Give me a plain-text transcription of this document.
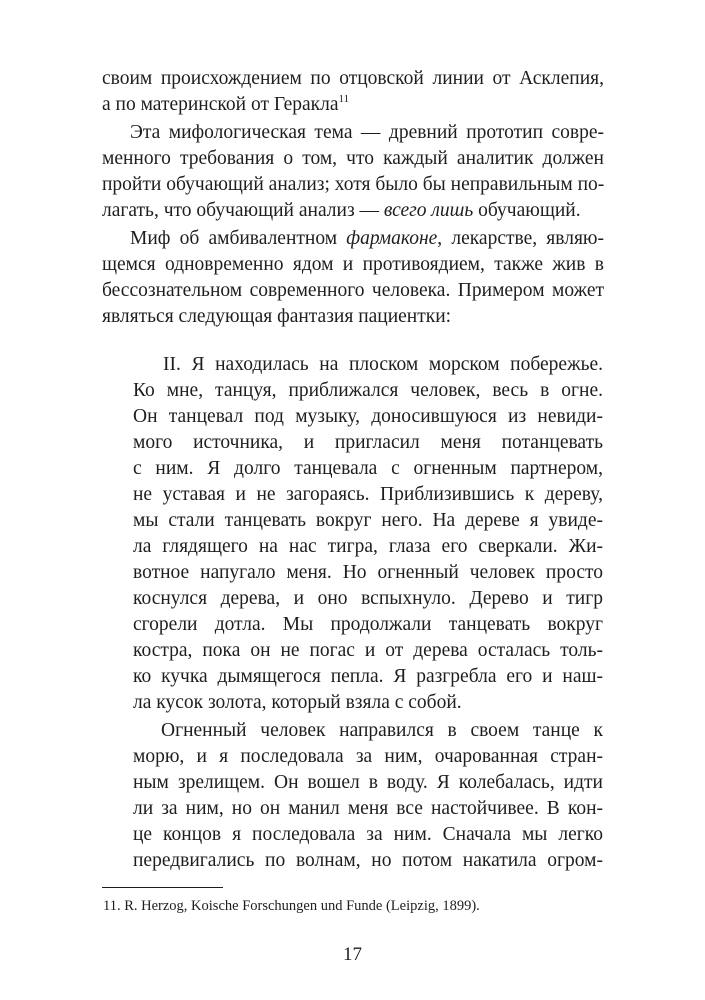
своим происхождением по отцовской линии от Асклепия,
а по материнской от Геракла$^{11}$
Эта мифологическая тема — древний прототип совре-
менного требования о том, что каждый аналитик должен
пройти обучающий анализ; хотя было бы неправильным по-
лагать, что обучающий анализ — всего лишь обучающий.
Миф об амбивалентном фармаконе, лекарстве, являю-
щемся одновременно ядом и противоядием, также жив в
бессознательном современного человека. Примером может
являться следующая фантазия пациентки:
II. Я находилась на плоском морском побережье.
Ко мне, танцуя, приближался человек, весь в огне.
Он танцевал под музыку, доносившуюся из невиди-
мого источника, и пригласил меня потанцевать
с ним. Я долго танцевала с огненным партнером,
не уставая и не загораясь. Приблизившись к дереву,
мы стали танцевать вокруг него. На дереве я увиде-
ла глядящего на нас тигра, глаза его сверкали. Жи-
вотное напугало меня. Но огненный человек просто
коснулся дерева, и оно вспыхнуло. Дерево и тигр
сгорели дотла. Мы продолжали танцевать вокруг
костра, пока он не погас и от дерева осталась толь-
ко кучка дымящегося пепла. Я разгребла его и наш-
ла кусок золота, который взяла с собой.
Огненный человек направился в своем танце к
морю, и я последовала за ним, очарованная стран-
ным зрелищем. Он вошел в воду. Я колебалась, идти
ли за ним, но он манил меня все настойчивее. В кон-
це концов я последовала за ним. Сначала мы легко
передвигались по волнам, но потом накатила огром-
11. R. Herzog, Koische Forschungen und Funde (Leipzig, 1899).
17
